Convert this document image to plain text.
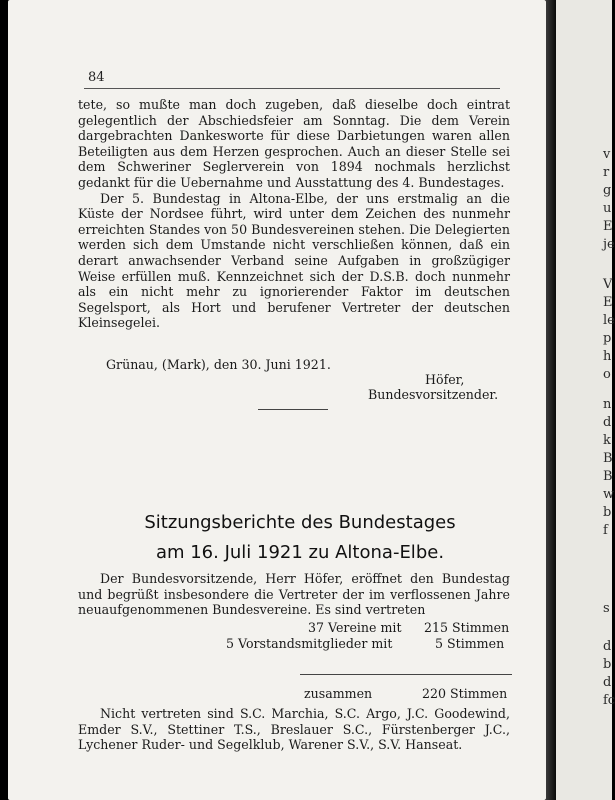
v
r
g
u
E
je
V
E
le
p
h
o
n
d
k
B
B
w
b
f
s
d
b
d
fc
84

tete, so mußte man doch zugeben, daß dieselbe doch eintrat gelegentlich der Abschiedsfeier am Sonntag. Die dem Verein dargebrachten Dankesworte für diese Darbietungen waren allen Beteiligten aus dem Herzen gesprochen. Auch an dieser Stelle sei dem Schweriner Seglerverein von 1894 nochmals herzlichst gedankt für die Uebernahme und Ausstattung des 4. Bundestages.

Der 5. Bundestag in Altona-Elbe, der uns erstmalig an die Küste der Nordsee führt, wird unter dem Zeichen des nunmehr erreichten Standes von 50 Bundesvereinen stehen. Die Delegierten werden sich dem Umstande nicht verschließen können, daß ein derart anwachsender Verband seine Aufgaben in großzügiger Weise erfüllen muß. Kennzeichnet sich der D.S.B. doch nunmehr als ein nicht mehr zu ignorierender Faktor im deutschen Segelsport, als Hort und berufener Vertreter der deutschen Kleinsegelei.

Grünau, (Mark), den 30. Juni 1921.
Höfer,
Bundesvorsitzender.
Sitzungsberichte des Bundestages
am 16. Juli 1921 zu Altona-Elbe.

Der Bundesvorsitzende, Herr Höfer, eröffnet den Bundestag und begrüßt insbesondere die Vertreter der im verflossenen Jahre neuaufgenommenen Bundesvereine. Es sind vertreten

37 Vereine mit 215 Stimmen
5 Vorstandsmitglieder mit	5 Stimmen
zusammen	220 Stimmen

Nicht vertreten sind S.C. Marchia, S.C. Argo, J.C. Goodewind, Emder S.V., Stettiner T.S., Breslauer S.C., Fürstenberger J.C., Lychener Ruder- und Segelklub, Warener S.V., S.V. Hanseat.
